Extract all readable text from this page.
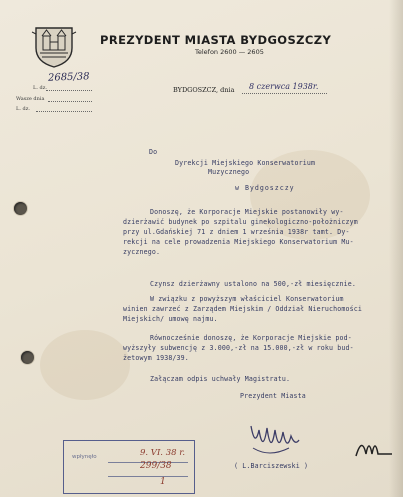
PREZYDENT MIASTA BYDGOSZCZY
Telefon 2600 — 2605
L. dz.
2685/38
Wasze dnia
L. dz.
BYDGOSZCZ, dnia 8 czerwca 1938r.
Do
Dyrekcji Miejskiego Konserwatorium
Muzycznego
w Bydgoszczy
Donoszę, że Korporacje Miejskie postanowiły wy-
dzierżawić budynek po szpitalu ginekologiczno-położniczym
przy ul.Gdańskiej 71 z dniem 1 września 1938r tamt. Dy-
rekcji na cele prowadzenia Miejskiego Konserwatorium Mu-
zycznego.
Czynsz dzierżawny ustalono na 500,-zł miesięcznie.
W związku z powyższym właściciel Konserwatorium
winien zawrzeć z Zarządem Miejskim / Oddział Nieruchomości
Miejskich/ umowę najmu.
Równocześnie donoszę, że Korporacje Miejskie pod-
wyższyły subwencję z 3.000,-zł na 15.000,-zł w roku bud-
żetowym 1938/39.
Załączam odpis uchwały Magistratu.
Prezydent Miasta
( L.Barciszewski )
wpłynęło	9. VI. 38 r.
299/38
1
